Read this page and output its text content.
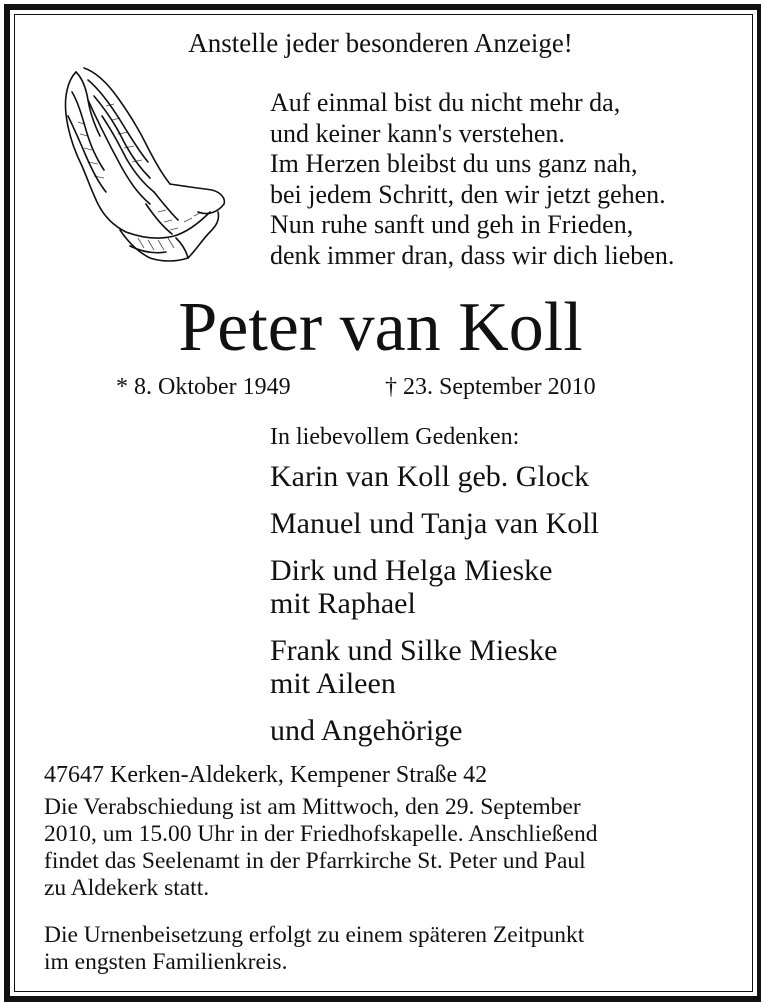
Anstelle jeder besonderen Anzeige!
Auf einmal bist du nicht mehr da,
und keiner kann's verstehen.
Im Herzen bleibst du uns ganz nah,
bei jedem Schritt, den wir jetzt gehen.
Nun ruhe sanft und geh in Frieden,
denk immer dran, dass wir dich lieben.
Peter van Koll
* 8. Oktober 1949	† 23. September 2010
In liebevollem Gedenken:
Karin van Koll geb. Glock
Manuel und Tanja van Koll
Dirk und Helga Mieske
mit Raphael
Frank und Silke Mieske
mit Aileen
und Angehörige
47647 Kerken-Aldekerk, Kempener Straße 42
Die Verabschiedung ist am Mittwoch, den 29. September
2010, um 15.00 Uhr in der Friedhofskapelle. Anschließend
findet das Seelenamt in der Pfarrkirche St. Peter und Paul
zu Aldekerk statt.
Die Urnenbeisetzung erfolgt zu einem späteren Zeitpunkt
im engsten Familienkreis.
